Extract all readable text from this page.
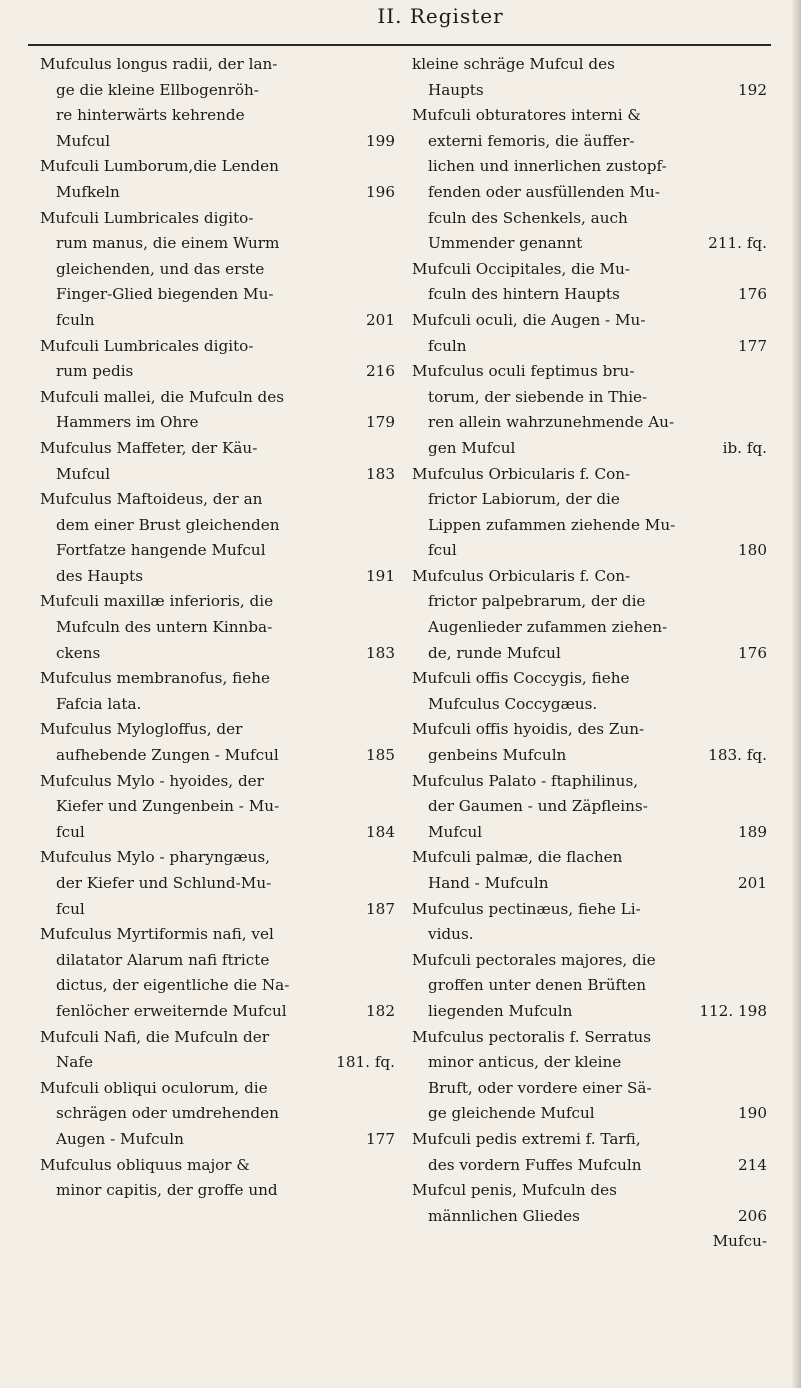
II. Register
Mufculus longus radii, der lan-
ge die kleine Ellbogenröh-
re hinterwärts kehrende
Mufcul	199
Mufculi Lumborum,die Lenden
Mufkeln	196
Mufculi Lumbricales digito-
rum manus, die einem Wurm
gleichenden, und das erste
Finger-Glied biegenden Mu-
fculn	201
Mufculi Lumbricales digito-
rum pedis	216
Mufculi mallei, die Mufculn des
Hammers im Ohre	179
Mufculus Maffeter, der Käu-
Mufcul	183
Mufculus Maftoideus, der an
dem einer Brust gleichenden
Fortfatze hangende Mufcul
des Haupts	191
Mufculi maxillæ inferioris, die
Mufculn des untern Kinnba-
ckens	183
Mufculus membranofus, fiehe
Fafcia lata.
Mufculus Mylogloffus, der
aufhebende Zungen - Mufcul	185
Mufculus Mylo - hyoides, der
Kiefer und Zungenbein - Mu-
fcul	184
Mufculus Mylo - pharyngæus,
der Kiefer und Schlund-Mu-
fcul	187
Mufculus Myrtiformis nafi, vel
dilatator Alarum nafi ftricte
dictus, der eigentliche die Na-
fenlöcher erweiternde Mufcul	182
Mufculi Nafi, die Mufculn der
Nafe	181. fq.
Mufculi obliqui oculorum, die
schrägen oder umdrehenden
Augen - Mufculn	177
Mufculus obliquus major &
minor capitis, der groffe und
kleine schräge Mufcul des
Haupts	192
Mufculi obturatores interni &
externi femoris, die äuffer-
lichen und innerlichen zustopf-
fenden oder ausfüllenden Mu-
fculn des Schenkels, auch
Ummender genannt	211. fq.
Mufculi Occipitales, die Mu-
fculn des hintern Haupts	176
Mufculi oculi, die Augen - Mu-
fculn	177
Mufculus oculi feptimus bru-
torum, der siebende in Thie-
ren allein wahrzunehmende Au-
gen Mufcul	ib. fq.
Mufculus Orbicularis f. Con-
frictor Labiorum, der die
Lippen zufammen ziehende Mu-
fcul	180
Mufculus Orbicularis f. Con-
frictor palpebrarum, der die
Augenlieder zufammen ziehen-
de, runde Mufcul	176
Mufculi offis Coccygis, fiehe
Mufculus Coccygæus.
Mufculi offis hyoidis, des Zun-
genbeins Mufculn	183. fq.
Mufculus Palato - ftaphilinus,
der Gaumen - und Zäpfleins-
Mufcul	189
Mufculi palmæ, die flachen
Hand - Mufculn	201
Mufculus pectinæus, fiehe Li-
vidus.
Mufculi pectorales majores, die
groffen unter denen Brüften
liegenden Mufculn	112. 198
Mufculus pectoralis f. Serratus
minor anticus, der kleine
Bruft, oder vordere einer Sä-
ge gleichende Mufcul	190
Mufculi pedis extremi f. Tarfi,
des vordern Fuffes Mufculn	214
Mufcul penis, Mufculn des
männlichen Gliedes	206
Mufcu-
